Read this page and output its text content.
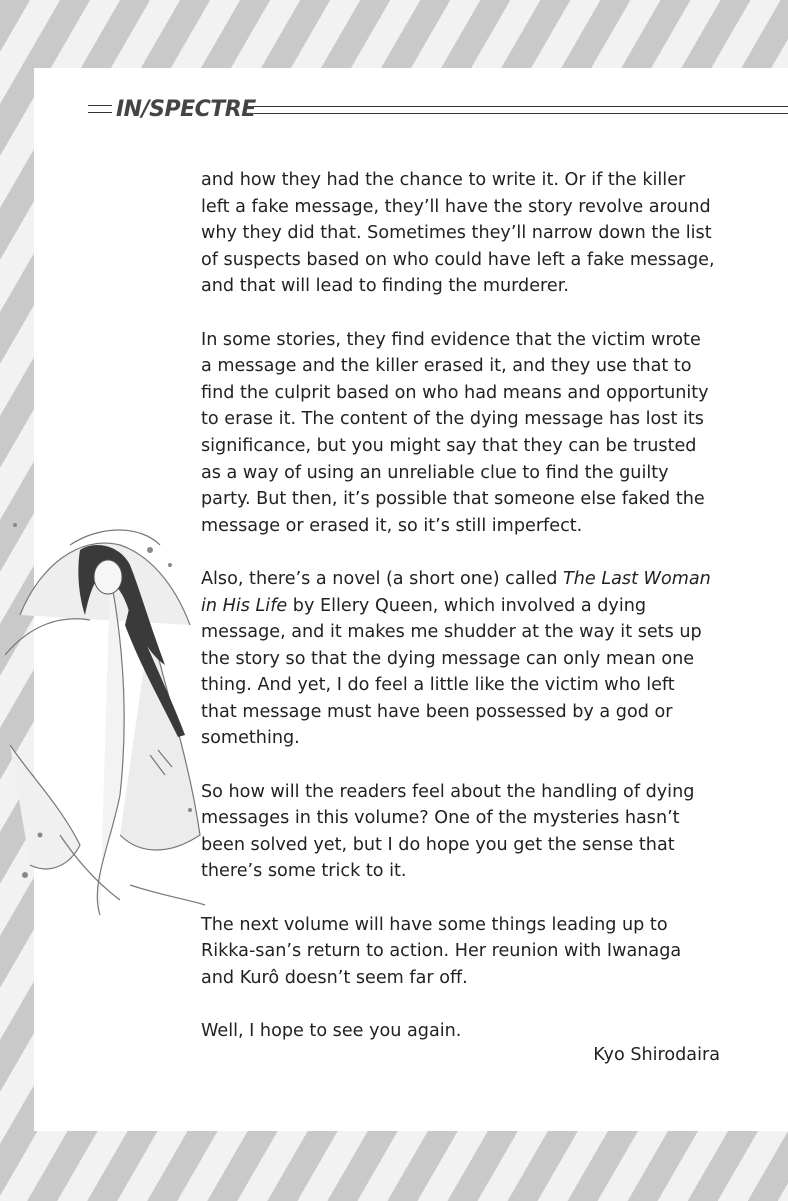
IN/SPECTRE

and how they had the chance to write it. Or if the killer
left a fake message, they’ll have the story revolve around
why they did that. Sometimes they’ll narrow down the list
of suspects based on who could have left a fake message,
and that will lead to finding the murderer.

In some stories, they find evidence that the victim wrote
a message and the killer erased it, and they use that to
find the culprit based on who had means and opportunity
to erase it. The content of the dying message has lost its
significance, but you might say that they can be trusted
as a way of using an unreliable clue to find the guilty
party. But then, it’s possible that someone else faked the
message or erased it, so it’s still imperfect.

Also, there’s a novel (a short one) called The Last Woman
in His Life by Ellery Queen, which involved a dying
message, and it makes me shudder at the way it sets up
the story so that the dying message can only mean one
thing. And yet, I do feel a little like the victim who left
that message must have been possessed by a god or
something.

So how will the readers feel about the handling of dying
messages in this volume? One of the mysteries hasn’t
been solved yet, but I do hope you get the sense that
there’s some trick to it.

The next volume will have some things leading up to
Rikka-san’s return to action. Her reunion with Iwanaga
and Kurô doesn’t seem far off.

Well, I hope to see you again.

Kyo Shirodaira
